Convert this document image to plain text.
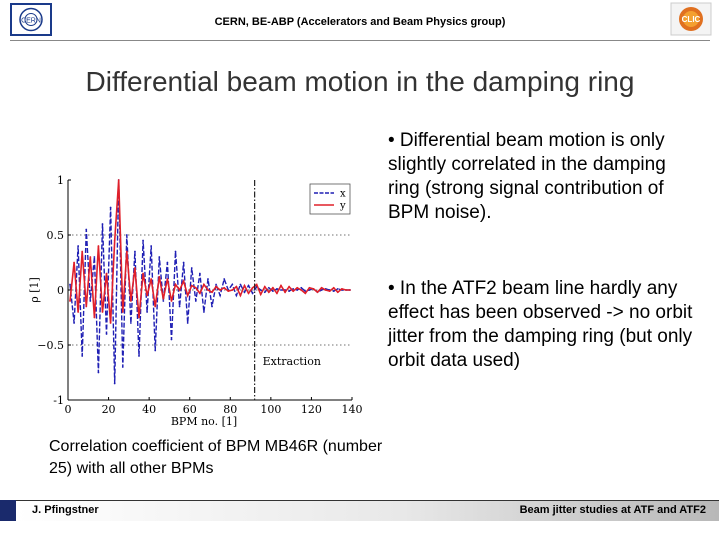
CERN	CERN, BE-ABP (Accelerators and Beam Physics group)	CLIC
Differential beam motion in the damping ring
0	20 40 60 80 100 120 140
-1
−0.5
0
0.5
1
Extraction
x
y
BPM no. [1]
ρ [1]
• Differential beam motion is only slightly correlated in the damping ring (strong signal contribution of BPM noise).
• In the ATF2 beam line hardly any effect has been observed -> no orbit jitter from the damping ring (but only orbit data used)
Correlation coefficient of BPM MB46R (number 25) with all other BPMs
J. Pfingstner	Beam jitter studies at ATF and ATF2
